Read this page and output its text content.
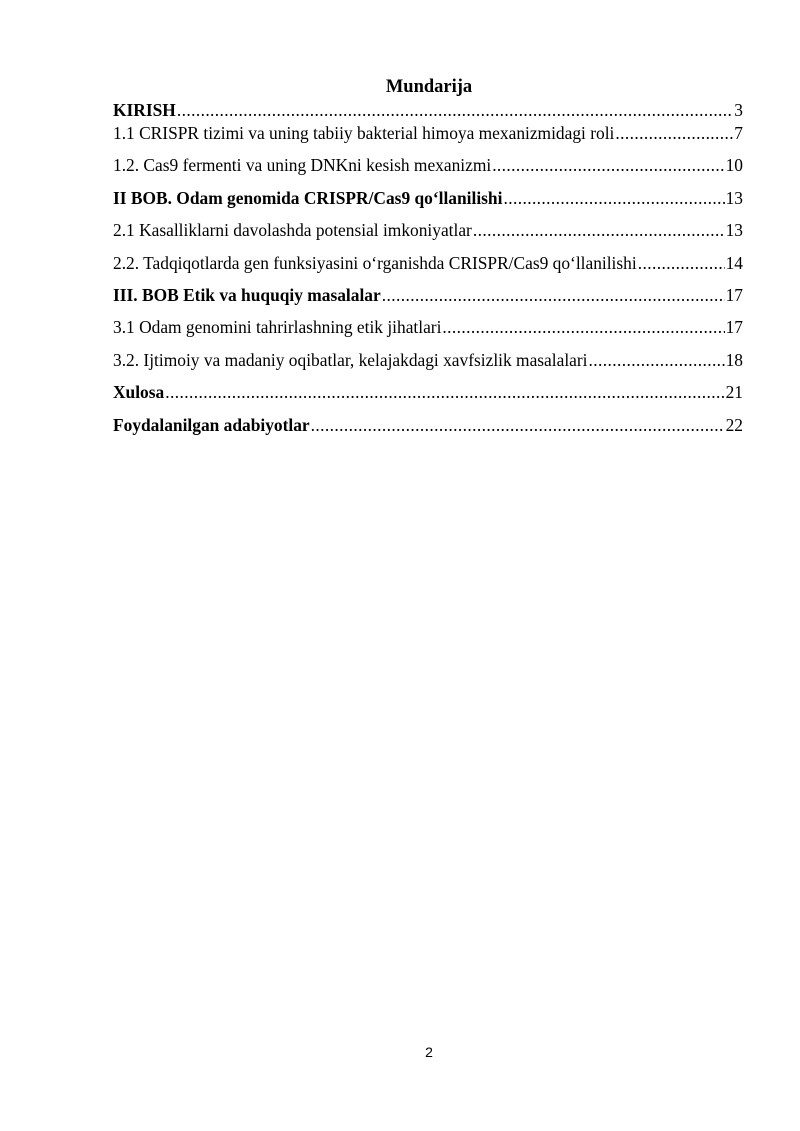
Mundarija
KIRISH .....	3
1.1 CRISPR tizimi va uning tabiiy bakterial himoya mexanizmidagi roli .....	7
1.2. Cas9 fermenti va uning DNKni kesish mexanizmi .....	10
II BOB. Odam genomida CRISPR/Cas9 qo‘llanilishi .....	13
2.1 Kasalliklarni davolashda potensial imkoniyatlar .....	13
2.2. Tadqiqotlarda gen funksiyasini o‘rganishda CRISPR/Cas9 qo‘llanilishi .....	14
III. BOB Etik va huquqiy masalalar .....	17
3.1 Odam genomini tahrirlashning etik jihatlari .....	17
3.2. Ijtimoiy va madaniy oqibatlar, kelajakdagi xavfsizlik masalalari .....	18
Xulosa .....	21
Foydalanilgan adabiyotlar .....	22
2
